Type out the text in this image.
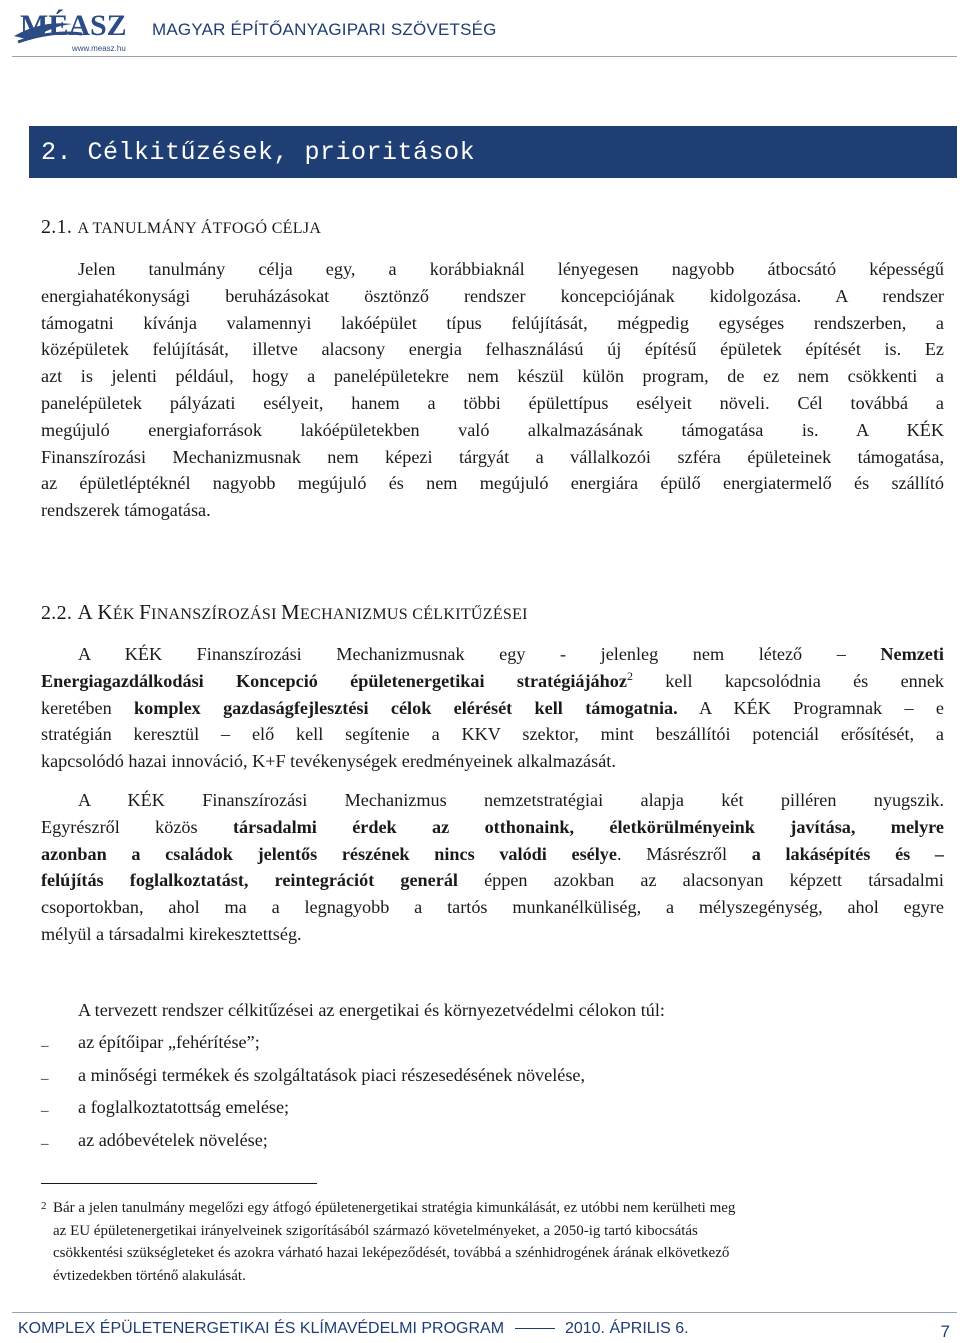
MÉASZ
www.measz.hu
MAGYAR ÉPÍTŐANYAGIPARI SZÖVETSÉG
2. Célkitűzések, prioritások
2.1. A TANULMÁNY ÁTFOGÓ CÉLJA
Jelen tanulmány célja egy, a korábbiaknál lényegesen nagyobb átbocsátó képességű
energiahatékonysági beruházásokat ösztönző rendszer koncepciójának kidolgozása. A rendszer
támogatni kívánja valamennyi lakóépület típus felújítását, mégpedig egységes rendszerben, a
középületek felújítását, illetve alacsony energia felhasználású új építésű épületek építését is. Ez
azt is jelenti például, hogy a panelépületekre nem készül külön program, de ez nem csökkenti a
panelépületek pályázati esélyeit, hanem a többi épülettípus esélyeit növeli. Cél továbbá a
megújuló energiaforrások lakóépületekben való alkalmazásának támogatása is. A KÉK
Finanszírozási Mechanizmusnak nem képezi tárgyát a vállalkozói szféra épületeinek támogatása,
az épületléptéknél nagyobb megújuló és nem megújuló energiára épülő energiatermelő és szállító
rendszerek támogatása.
2.2. A KÉK FINANSZÍROZÁSI MECHANIZMUS CÉLKITŰZÉSEI
A KÉK Finanszírozási Mechanizmusnak egy - jelenleg nem létező – Nemzeti
Energiagazdálkodási Koncepció épületenergetikai stratégiájához$^2$ kell kapcsolódnia és ennek
keretében komplex gazdaságfejlesztési célok elérését kell támogatnia. A KÉK Programnak – e
stratégián keresztül – elő kell segítenie a KKV szektor, mint beszállítói potenciál erősítését, a
kapcsolódó hazai innováció, K+F tevékenységek eredményeinek alkalmazását.
A KÉK Finanszírozási Mechanizmus nemzetstratégiai alapja két pilléren nyugszik.
Egyrészről közös társadalmi érdek az otthonaink, életkörülményeink javítása, melyre
azonban a családok jelentős részének nincs valódi esélye. Másrészről a lakásépítés és –
felújítás foglalkoztatást, reintegrációt generál éppen azokban az alacsonyan képzett társadalmi
csoportokban, ahol ma a legnagyobb a tartós munkanélküliség, a mélyszegénység, ahol egyre
mélyül a társadalmi kirekesztettség.
A tervezett rendszer célkitűzései az energetikai és környezetvédelmi célokon túl:
– az építőipar „fehérítése”;
– a minőségi termékek és szolgáltatások piaci részesedésének növelése,
– a foglalkoztatottság emelése;
– az adóbevételek növelése;
2 Bár a jelen tanulmány megelőzi egy átfogó épületenergetikai stratégia kimunkálását, ez utóbbi nem kerülheti meg
az EU épületenergetikai irányelveinek szigorításából származó követelményeket, a 2050-ig tartó kibocsátás
csökkentési szükségleteket és azokra várható hazai leképeződését, továbbá a szénhidrogének árának elkövetkező
évtizedekben történő alakulását.
KOMPLEX ÉPÜLETENERGETIKAI ÉS KLÍMAVÉDELMI PROGRAM	2010. ÁPRILIS 6.	7
